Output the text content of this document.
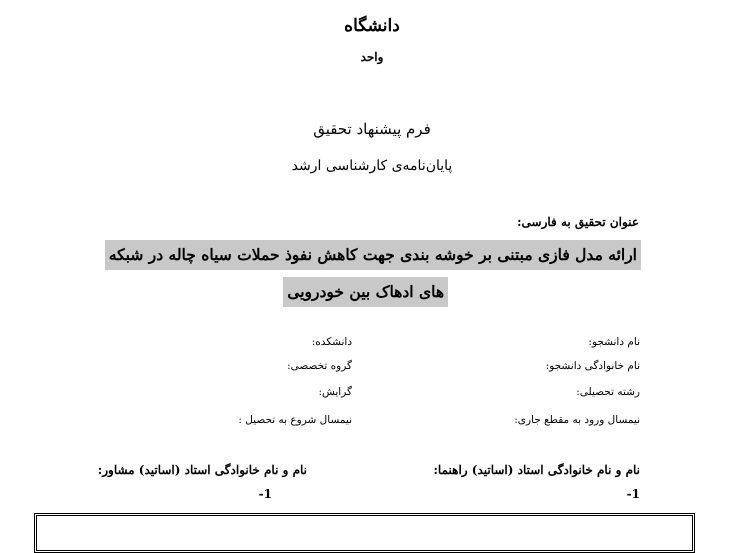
دانشگاه
واحد
فرم پیشنهاد تحقیق
پایان‌نامه‌ی کارشناسی ارشد
عنوان تحقیق به فارسی:
ارائه مدل فازی مبتنی بر خوشه بندی جهت کاهش نفوذ حملات سیاه چاله در شبکه
های ادهاک بین خودرویی
نام دانشجو:
دانشکده:
نام خانوادگی دانشجو:
گروه تخصصی:
رشته تحصیلی:
گرایش:
نیمسال ورود به مقطع جاری:
نیمسال شروع به تحصیل :
نام و نام خانوادگی استاد (اساتید) راهنما:
1-
نام و نام خانوادگی استاد (اساتید) مشاور:
1-
